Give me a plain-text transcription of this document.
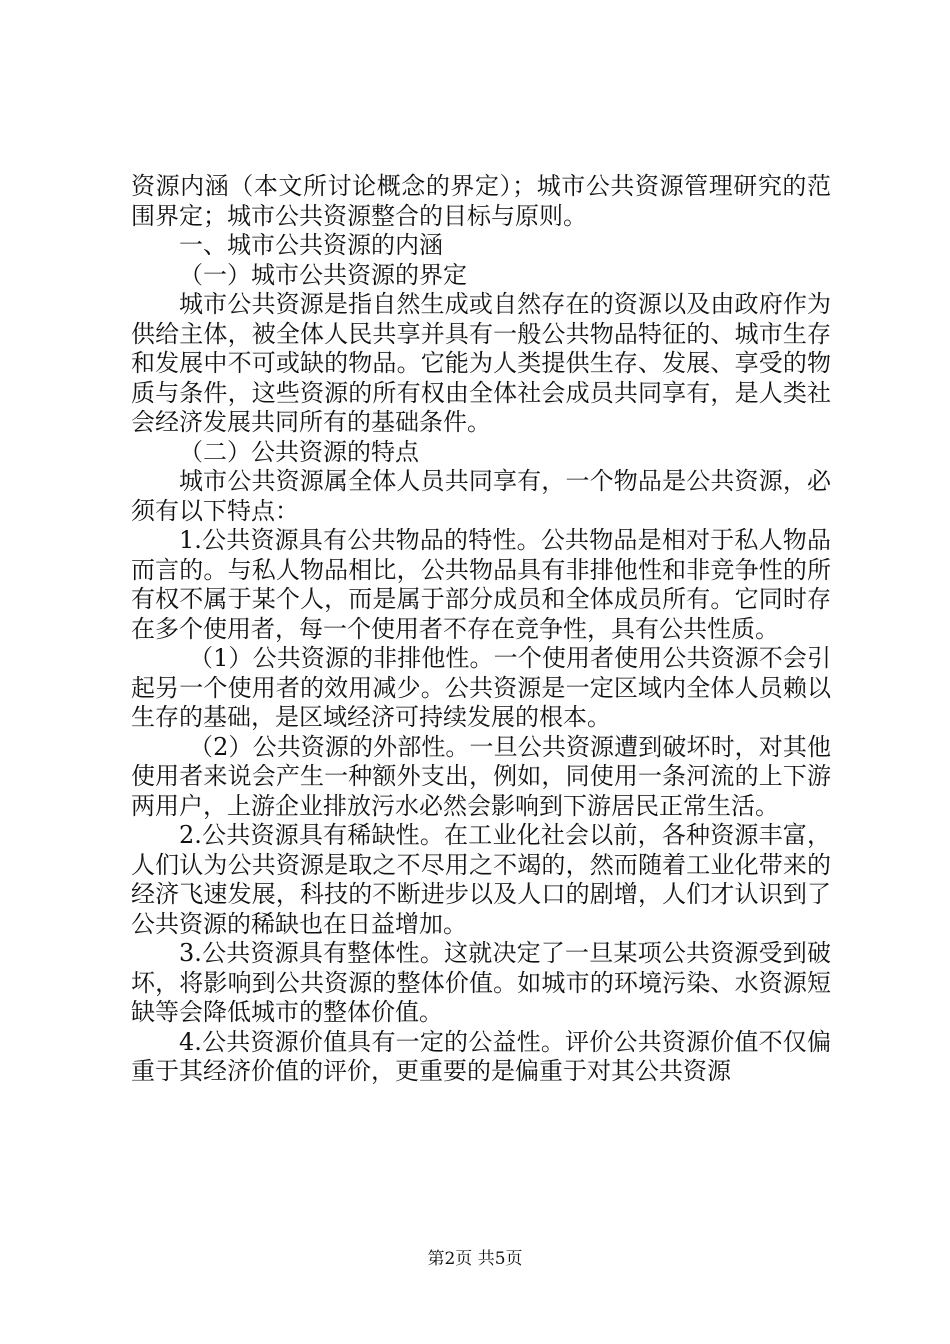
资源内涵（本文所讨论概念的界定）；城市公共资源管理研究的范围界定；城市公共资源整合的目标与原则。

一、城市公共资源的内涵

（一）城市公共资源的界定

城市公共资源是指自然生成或自然存在的资源以及由政府作为供给主体，被全体人民共享并具有一般公共物品特征的、城市生存和发展中不可或缺的物品。它能为人类提供生存、发展、享受的物质与条件，这些资源的所有权由全体社会成员共同享有，是人类社会经济发展共同所有的基础条件。

（二）公共资源的特点

城市公共资源属全体人员共同享有，一个物品是公共资源，必须有以下特点：

1.公共资源具有公共物品的特性。公共物品是相对于私人物品而言的。与私人物品相比，公共物品具有非排他性和非竞争性的所有权不属于某个人，而是属于部分成员和全体成员所有。它同时存在多个使用者，每一个使用者不存在竞争性，具有公共性质。

（1）公共资源的非排他性。一个使用者使用公共资源不会引起另一个使用者的效用减少。公共资源是一定区域内全体人员赖以生存的基础，是区域经济可持续发展的根本。

（2）公共资源的外部性。一旦公共资源遭到破坏时，对其他使用者来说会产生一种额外支出，例如，同使用一条河流的上下游两用户，上游企业排放污水必然会影响到下游居民正常生活。

2.公共资源具有稀缺性。在工业化社会以前，各种资源丰富，人们认为公共资源是取之不尽用之不竭的，然而随着工业化带来的经济飞速发展，科技的不断进步以及人口的剧增，人们才认识到了公共资源的稀缺也在日益增加。

3.公共资源具有整体性。这就决定了一旦某项公共资源受到破坏，将影响到公共资源的整体价值。如城市的环境污染、水资源短缺等会降低城市的整体价值。

4.公共资源价值具有一定的公益性。评价公共资源价值不仅偏重于其经济价值的评价，更重要的是偏重于对其公共资源

第2页 共5页
